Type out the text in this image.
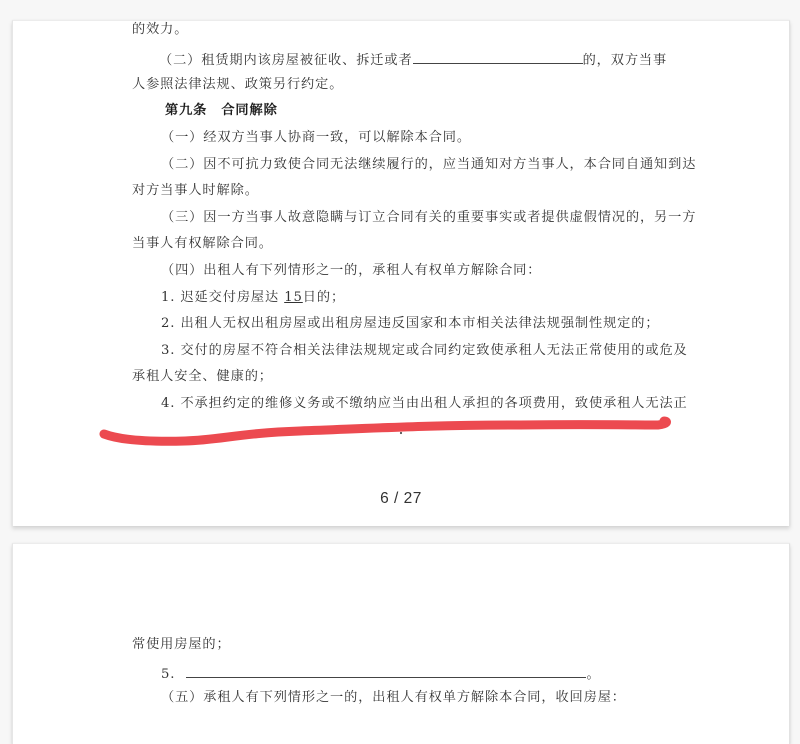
的效力。
（二）租赁期内该房屋被征收、拆迁或者	的，双方当事
人参照法律法规、政策另行约定。
第九条　合同解除
（一）经双方当事人协商一致，可以解除本合同。
（二）因不可抗力致使合同无法继续履行的，应当通知对方当事人，本合同自通知到达
对方当事人时解除。
（三）因一方当事人故意隐瞒与订立合同有关的重要事实或者提供虚假情况的，另一方
当事人有权解除合同。
（四）出租人有下列情形之一的，承租人有权单方解除合同：
1. 迟延交付房屋达 15日的；
2. 出租人无权出租房屋或出租房屋违反国家和本市相关法律法规强制性规定的；
3. 交付的房屋不符合相关法律法规规定或合同约定致使承租人无法正常使用的或危及
承租人安全、健康的；
4. 不承担约定的维修义务或不缴纳应当由出租人承担的各项费用，致使承租人无法正
6 / 27
常使用房屋的；
5.	。
（五）承租人有下列情形之一的，出租人有权单方解除本合同，收回房屋：
